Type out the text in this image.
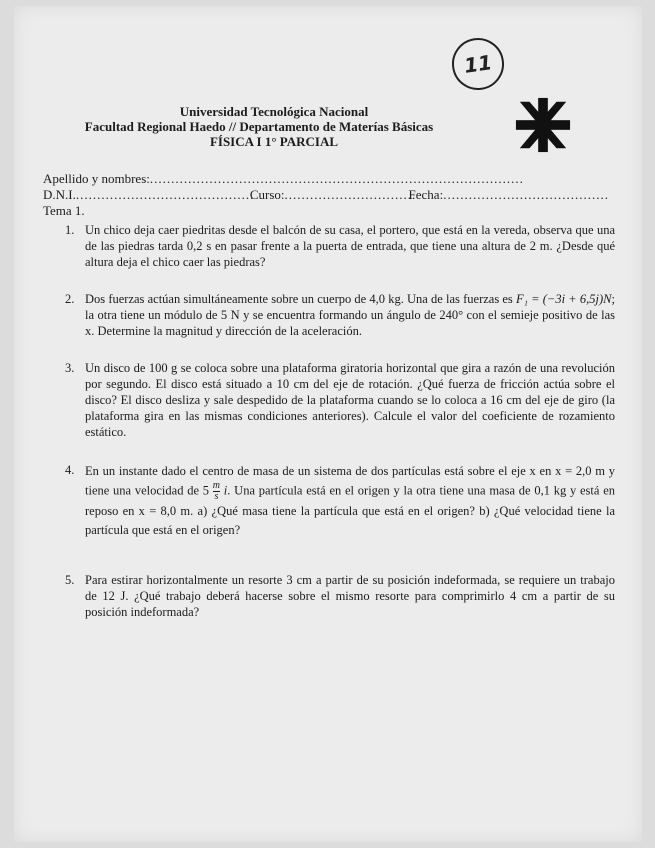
11
Universidad Tecnológica Nacional
Facultad Regional Haedo // Departamento de Materías Básicas
FÍSICA I 1° PARCIAL
Apellido y nombres: ........................................................................................
D.N.I. ..........................................
Curso: ...............................
Fecha: .......................................
Tema 1.
1. Un chico deja caer piedritas desde el balcón de su casa, el portero, que está en la vereda, observa que una de las piedras tarda 0,2 s en pasar frente a la puerta de entrada, que tiene una altura de 2 m. ¿Desde qué altura deja el chico caer las piedras?
2. Dos fuerzas actúan simultáneamente sobre un cuerpo de 4,0 kg. Una de las fuerzas es F₁ = (−3i + 6,5j)N; la otra tiene un módulo de 5 N y se encuentra formando un ángulo de 240° con el semieje positivo de las x. Determine la magnitud y dirección de la aceleración.
3. Un disco de 100 g se coloca sobre una plataforma giratoria horizontal que gira a razón de una revolución por segundo. El disco está situado a 10 cm del eje de rotación. ¿Qué fuerza de fricción actúa sobre el disco? El disco desliza y sale despedido de la plataforma cuando se lo coloca a 16 cm del eje de giro (la plataforma gira en las mismas condiciones anteriores). Calcule el valor del coeficiente de rozamiento estático.
4. En un instante dado el centro de masa de un sistema de dos partículas está sobre el eje x en x = 2,0 m y tiene una velocidad de $5 \frac{m}{s} i$. Una partícula está en el origen y la otra tiene una masa de 0,1 kg y está en reposo en x = 8,0 m. a) ¿Qué masa tiene la partícula que está en el origen? b) ¿Qué velocidad tiene la partícula que está en el origen?
5. Para estirar horizontalmente un resorte 3 cm a partir de su posición indeformada, se requiere un trabajo de 12 J. ¿Qué trabajo deberá hacerse sobre el mismo resorte para comprimirlo 4 cm a partir de su posición indeformada?
